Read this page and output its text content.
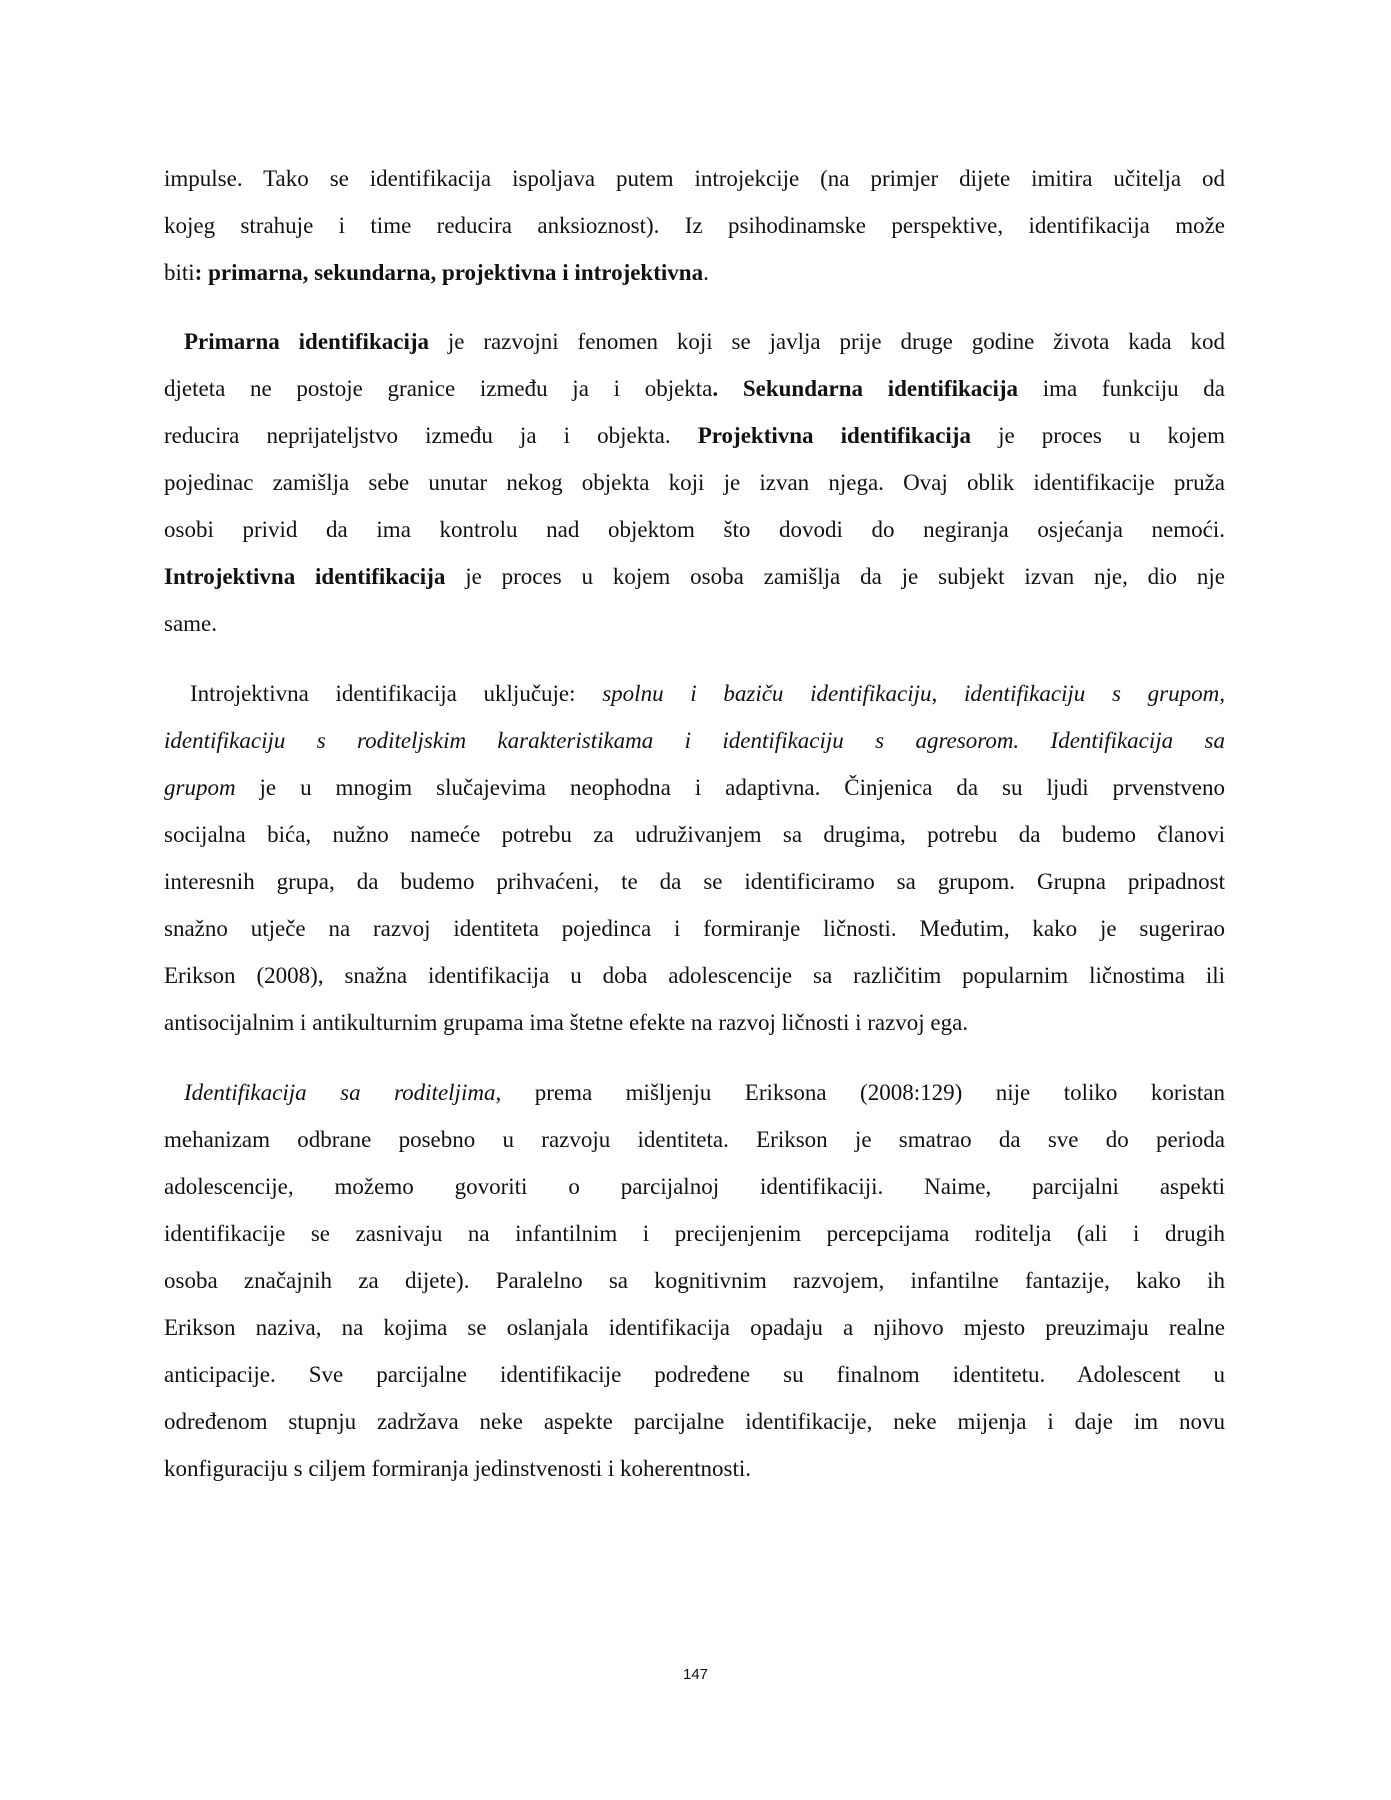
impulse. Tako se identifikacija ispoljava putem introjekcije (na primjer dijete imitira učitelja od
kojeg strahuje i time reducira anksioznost). Iz psihodinamske perspektive, identifikacija može
biti: primarna, sekundarna, projektivna i introjektivna.
Primarna identifikacija je razvojni fenomen koji se javlja prije druge godine života kada kod
djeteta ne postoje granice između ja i objekta. Sekundarna identifikacija ima funkciju da
reducira neprijateljstvo između ja i objekta. Projektivna identifikacija je proces u kojem
pojedinac zamišlja sebe unutar nekog objekta koji je izvan njega. Ovaj oblik identifikacije pruža
osobi privid da ima kontrolu nad objektom što dovodi do negiranja osjećanja nemoći.
Introjektivna identifikacija je proces u kojem osoba zamišlja da je subjekt izvan nje, dio nje
same.
Introjektivna identifikacija uključuje: spolnu i baziču identifikaciju, identifikaciju s grupom,
identifikaciju s roditeljskim karakteristikama i identifikaciju s agresorom. Identifikacija sa
grupom je u mnogim slučajevima neophodna i adaptivna. Činjenica da su ljudi prvenstveno
socijalna bića, nužno nameće potrebu za udruživanjem sa drugima, potrebu da budemo članovi
interesnih grupa, da budemo prihvaćeni, te da se identificiramo sa grupom. Grupna pripadnost
snažno utječe na razvoj identiteta pojedinca i formiranje ličnosti. Međutim, kako je sugerirao
Erikson (2008), snažna identifikacija u doba adolescencije sa različitim popularnim ličnostima ili
antisocijalnim i antikulturnim grupama ima štetne efekte na razvoj ličnosti i razvoj ega.
Identifikacija sa roditeljima, prema mišljenju Eriksona (2008:129) nije toliko koristan
mehanizam odbrane posebno u razvoju identiteta. Erikson je smatrao da sve do perioda
adolescencije, možemo govoriti o parcijalnoj identifikaciji. Naime, parcijalni aspekti
identifikacije se zasnivaju na infantilnim i precijenjenim percepcijama roditelja (ali i drugih
osoba značajnih za dijete). Paralelno sa kognitivnim razvojem, infantilne fantazije, kako ih
Erikson naziva, na kojima se oslanjala identifikacija opadaju a njihovo mjesto preuzimaju realne
anticipacije. Sve parcijalne identifikacije podređene su finalnom identitetu. Adolescent u
određenom stupnju zadržava neke aspekte parcijalne identifikacije, neke mijenja i daje im novu
konfiguraciju s ciljem formiranja jedinstvenosti i koherentnosti.
147
